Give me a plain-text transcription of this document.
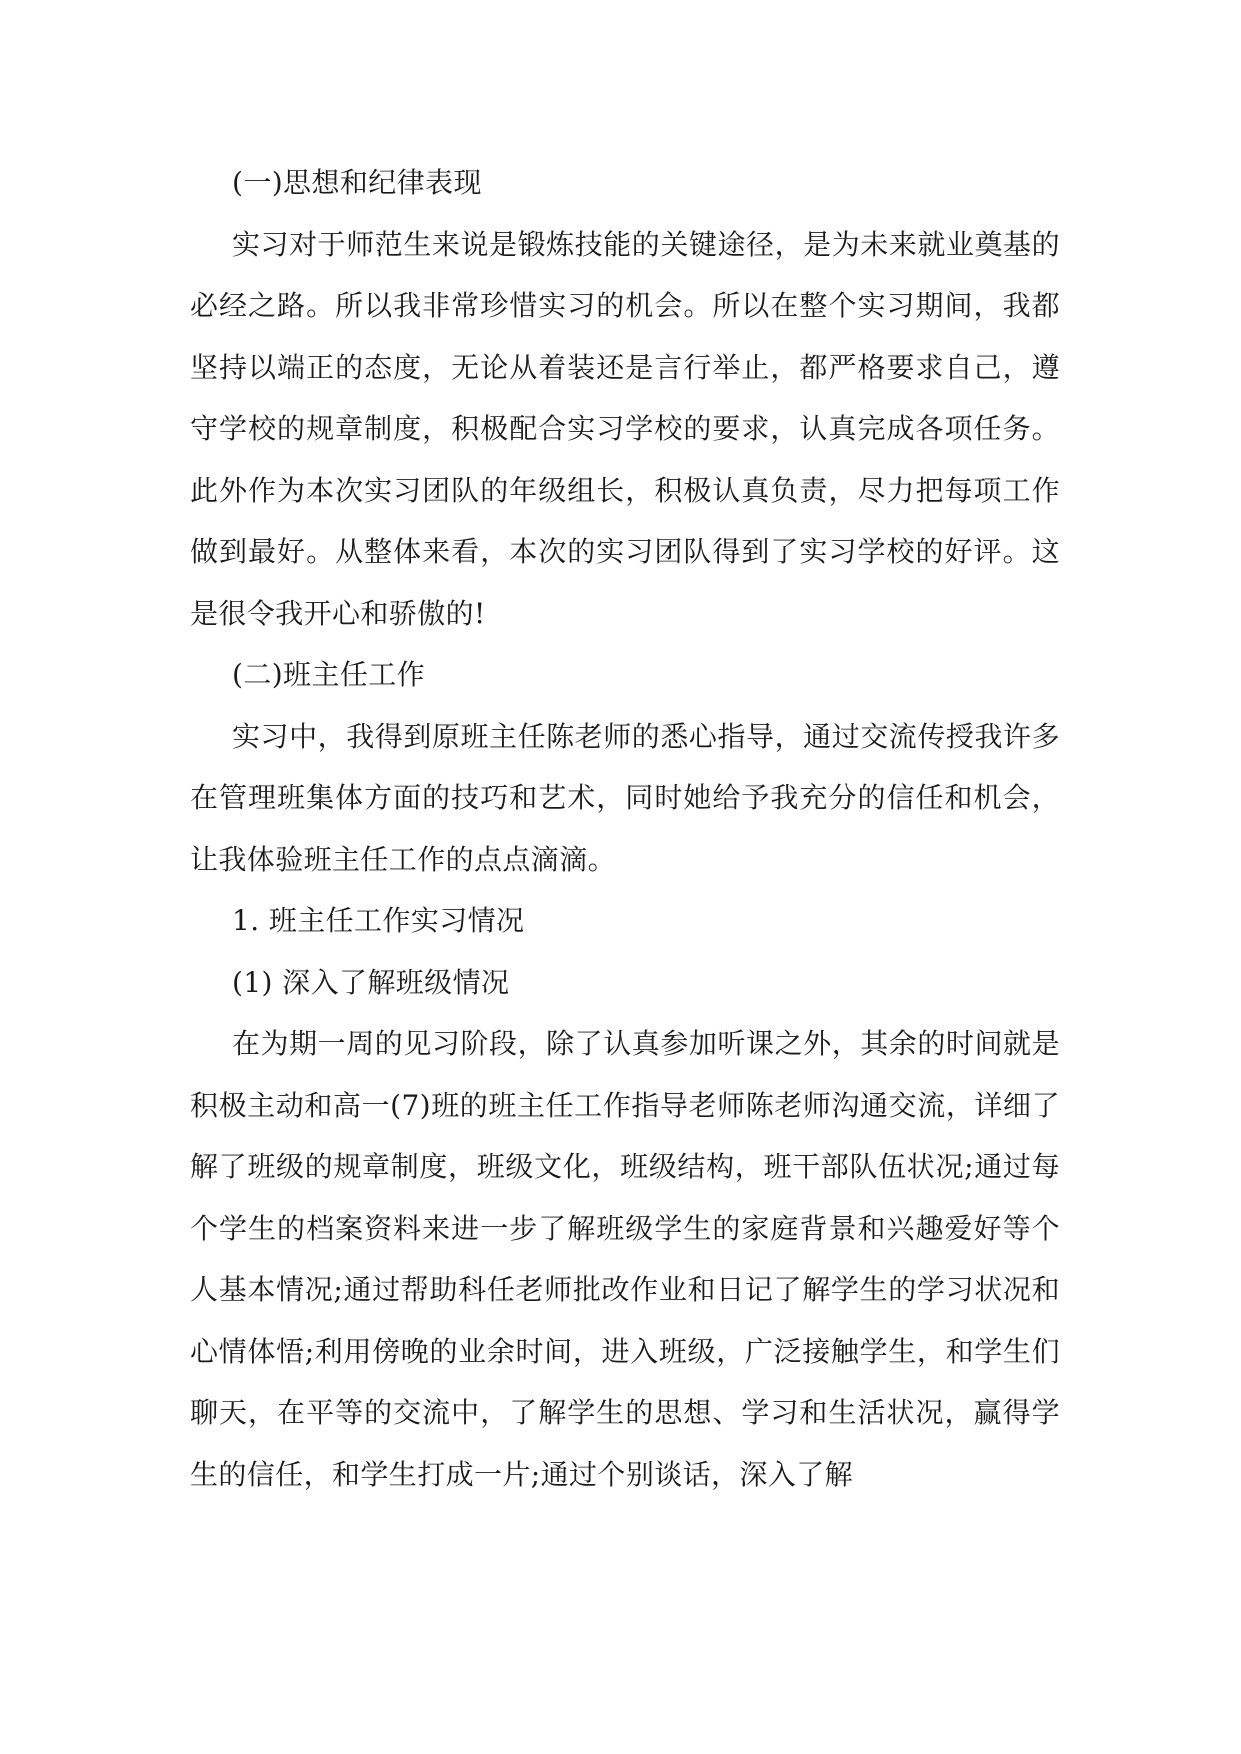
(一)思想和纪律表现

实习对于师范生来说是锻炼技能的关键途径，是为未来就业奠基的必经之路。所以我非常珍惜实习的机会。所以在整个实习期间，我都坚持以端正的态度，无论从着装还是言行举止，都严格要求自己，遵守学校的规章制度，积极配合实习学校的要求，认真完成各项任务。此外作为本次实习团队的年级组长，积极认真负责，尽力把每项工作做到最好。从整体来看，本次的实习团队得到了实习学校的好评。这是很令我开心和骄傲的!

(二)班主任工作

实习中，我得到原班主任陈老师的悉心指导，通过交流传授我许多在管理班集体方面的技巧和艺术，同时她给予我充分的信任和机会，让我体验班主任工作的点点滴滴。

1. 班主任工作实习情况

(1) 深入了解班级情况

在为期一周的见习阶段，除了认真参加听课之外，其余的时间就是积极主动和高一(7)班的班主任工作指导老师陈老师沟通交流，详细了解了班级的规章制度，班级文化，班级结构，班干部队伍状况;通过每个学生的档案资料来进一步了解班级学生的家庭背景和兴趣爱好等个人基本情况;通过帮助科任老师批改作业和日记了解学生的学习状况和心情体悟;利用傍晚的业余时间，进入班级，广泛接触学生，和学生们聊天，在平等的交流中，了解学生的思想、学习和生活状况，赢得学生的信任，和学生打成一片;通过个别谈话，深入了解
